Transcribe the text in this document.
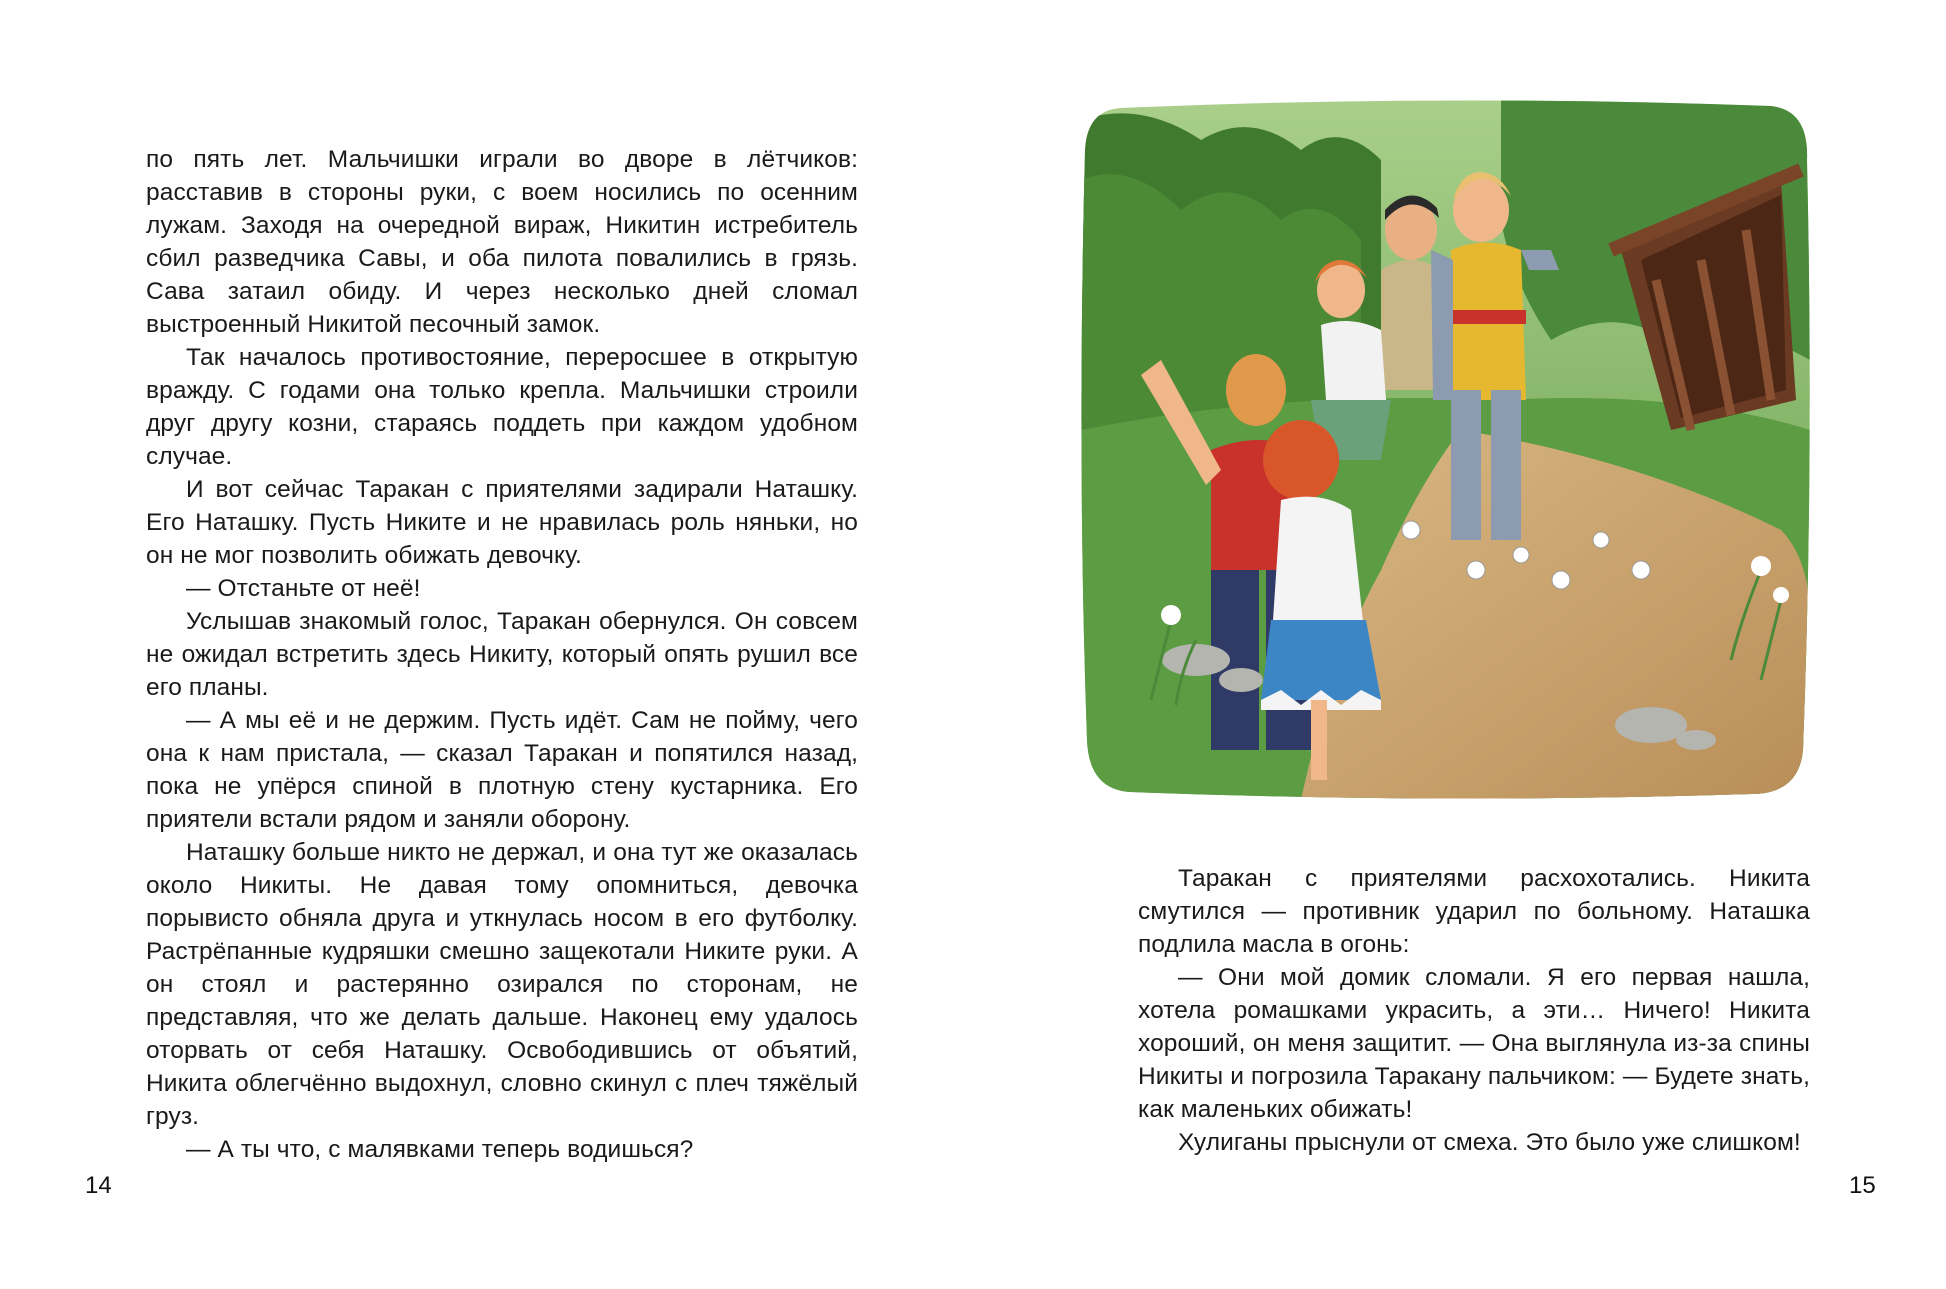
по пять лет. Мальчишки играли во дворе в лётчиков: расставив в стороны руки, с воем носились по осенним лужам. Заходя на очередной вираж, Никитин истребитель сбил разведчика Савы, и оба пилота повалились в грязь. Сава затаил обиду. И через несколько дней сломал выстроенный Никитой песочный замок.

Так началось противостояние, переросшее в открытую вражду. С годами она только крепла. Мальчишки строили друг другу козни, стараясь поддеть при каждом удобном случае.

И вот сейчас Таракан с приятелями задирали Наташку. Его Наташку. Пусть Никите и не нравилась роль няньки, но он не мог позволить обижать девочку.

— Отстаньте от неё!

Услышав знакомый голос, Таракан обернулся. Он совсем не ожидал встретить здесь Никиту, который опять рушил все его планы.

— А мы её и не держим. Пусть идёт. Сам не пойму, чего она к нам пристала, — сказал Таракан и попятился назад, пока не упёрся спиной в плотную стену кустарника. Его приятели встали рядом и заняли оборону.

Наташку больше никто не держал, и она тут же оказалась около Никиты. Не давая тому опомниться, девочка порывисто обняла друга и уткнулась носом в его футболку. Растрёпанные кудряшки смешно защекотали Никите руки. А он стоял и растерянно озирался по сторонам, не представляя, что же делать дальше. Наконец ему удалось оторвать от себя Наташку. Освободившись от объятий, Никита облегчённо выдохнул, словно скинул с плеч тяжёлый груз.

— А ты что, с малявками теперь водишься?

14

Таракан с приятелями расхохотались. Никита смутился — противник ударил по больному. Наташка подлила масла в огонь:

— Они мой домик сломали. Я его первая нашла, хотела ромашками украсить, а эти… Ничего! Никита хороший, он меня защитит. — Она выглянула из-за спины Никиты и погрозила Таракану пальчиком: — Будете знать, как маленьких обижать!

Хулиганы прыснули от смеха. Это было уже слишком!

15
